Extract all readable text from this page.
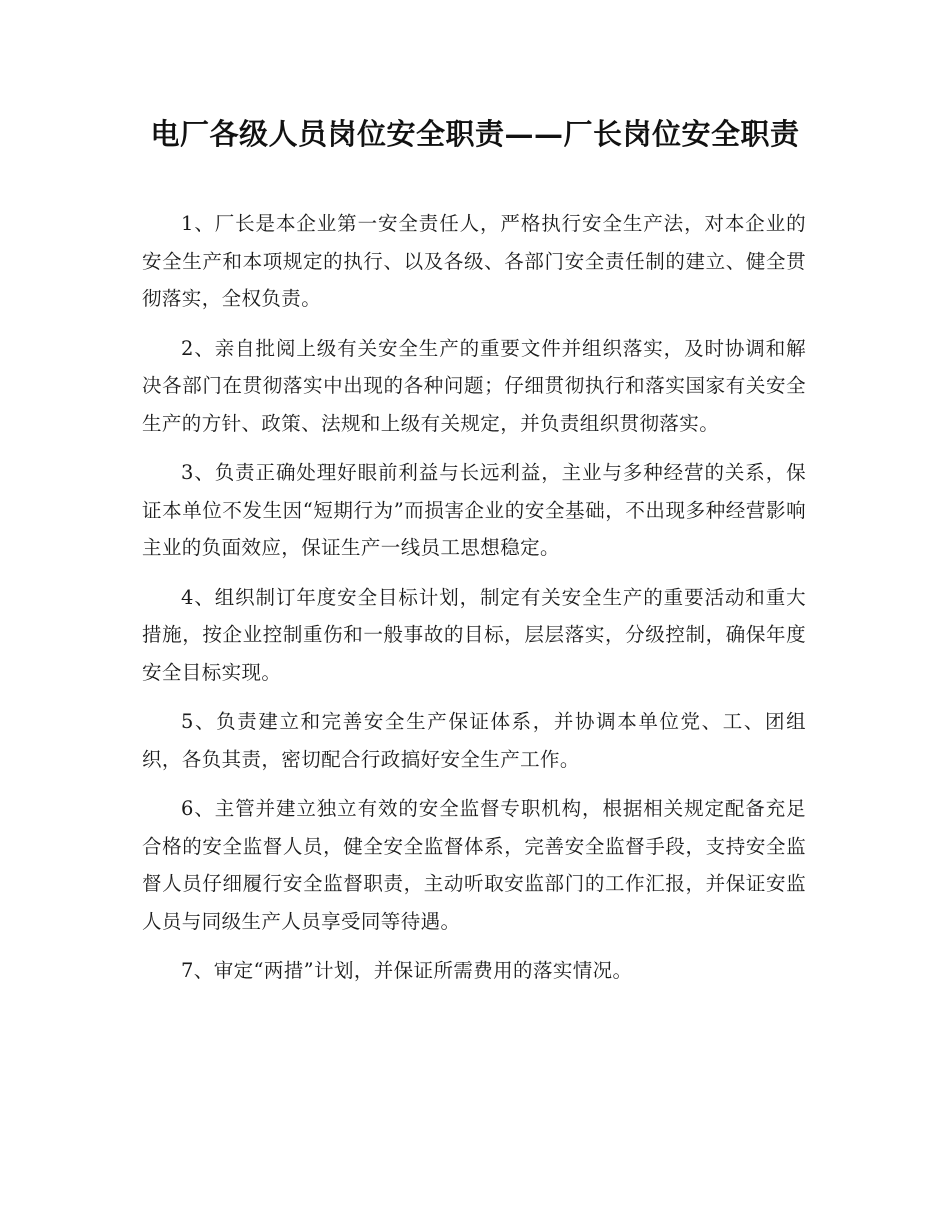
电厂各级人员岗位安全职责——厂长岗位安全职责

1、厂长是本企业第一安全责任人，严格执行安全生产法，对本企业的安全生产和本项规定的执行、以及各级、各部门安全责任制的建立、健全贯彻落实，全权负责。

2、亲自批阅上级有关安全生产的重要文件并组织落实，及时协调和解决各部门在贯彻落实中出现的各种问题；仔细贯彻执行和落实国家有关安全生产的方针、政策、法规和上级有关规定，并负责组织贯彻落实。

3、负责正确处理好眼前利益与长远利益，主业与多种经营的关系，保证本单位不发生因“短期行为”而损害企业的安全基础，不出现多种经营影响主业的负面效应，保证生产一线员工思想稳定。

4、组织制订年度安全目标计划，制定有关安全生产的重要活动和重大措施，按企业控制重伤和一般事故的目标，层层落实，分级控制，确保年度安全目标实现。

5、负责建立和完善安全生产保证体系，并协调本单位党、工、团组织，各负其责，密切配合行政搞好安全生产工作。

6、主管并建立独立有效的安全监督专职机构，根据相关规定配备充足合格的安全监督人员，健全安全监督体系，完善安全监督手段，支持安全监督人员仔细履行安全监督职责，主动听取安监部门的工作汇报，并保证安监人员与同级生产人员享受同等待遇。

7、审定“两措”计划，并保证所需费用的落实情况。
